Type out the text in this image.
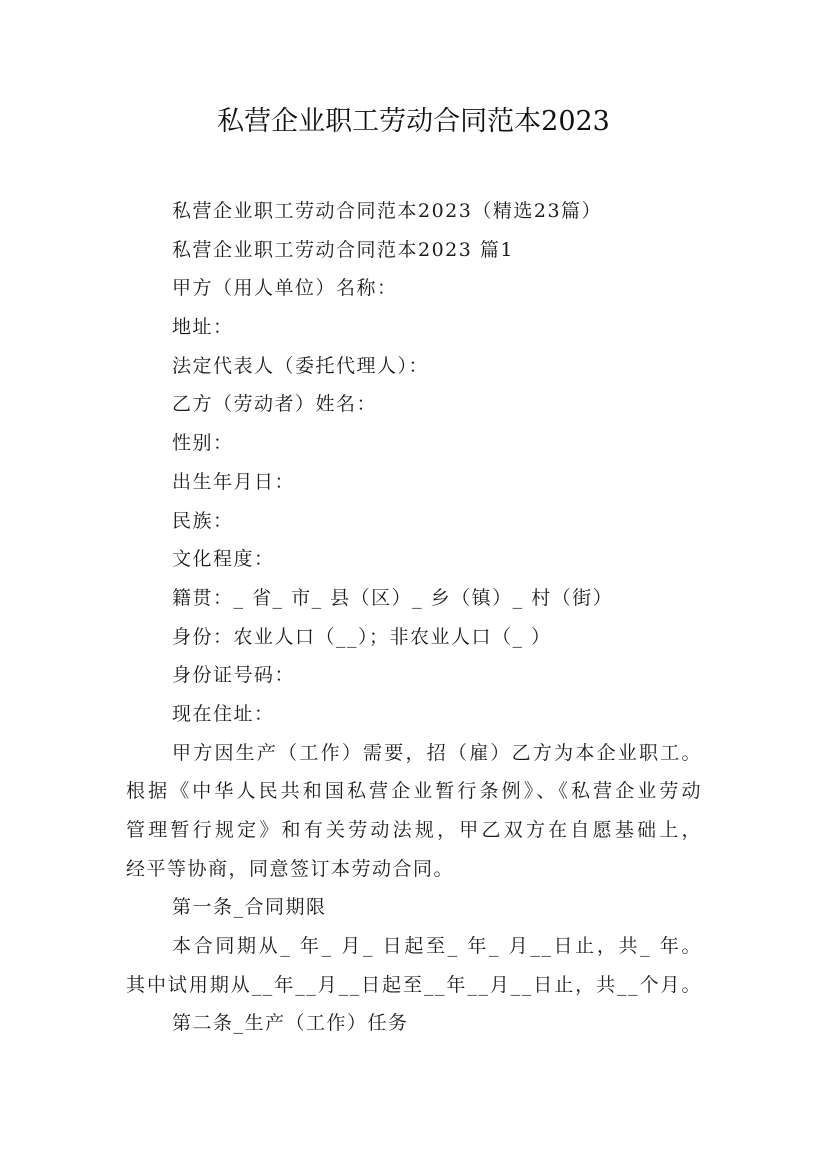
私营企业职工劳动合同范本2023
私营企业职工劳动合同范本2023（精选23篇）
私营企业职工劳动合同范本2023 篇1
甲方（用人单位）名称：
地址：
法定代表人（委托代理人）：
乙方（劳动者）姓名：
性别：
出生年月日：
民族：
文化程度：
籍贯：_ 省_ 市_ 县（区）_ 乡（镇）_ 村（街）
身份：农业人口（__）；非农业人口（_ ）
身份证号码：
现在住址：
甲方因生产（工作）需要，招（雇）乙方为本企业职工。
根据《中华人民共和国私营企业暂行条例》、《私营企业劳动
管理暂行规定》和有关劳动法规，甲乙双方在自愿基础上，
经平等协商，同意签订本劳动合同。
第一条_合同期限
本合同期从_ 年_ 月_ 日起至_ 年_ 月__日止，共_ 年。
其中试用期从__年__月__日起至__年__月__日止，共__个月。
第二条_生产（工作）任务
